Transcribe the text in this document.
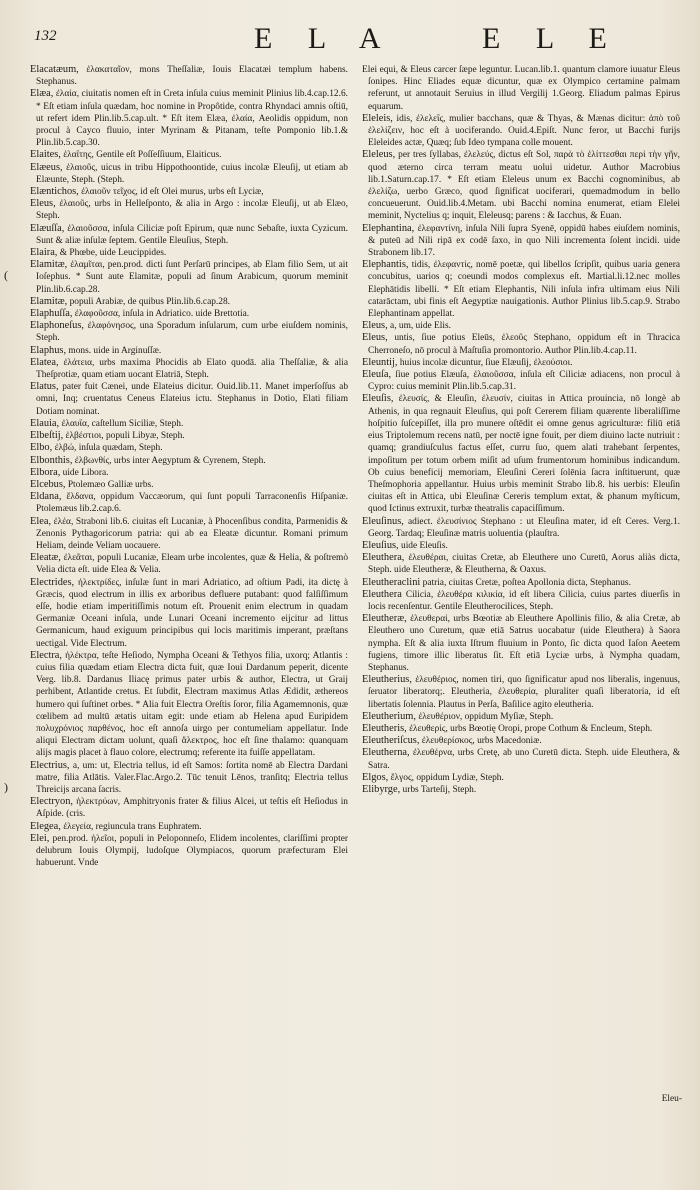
132	E L A	E L E
(
)
Elacatæum, ἐλακαταῖον, mons Theſſaliæ, Iouis Elacatæi templum habens. Stephanus.
Elæa, ἐλαία, ciuitatis nomen eſt in Creta inſula cuius meminit Plinius lib.4.cap.12.6. * Eſt etiam inſula quædam, hoc nomine in Propôtide, contra Rhyndaci amnis oſtiū, ut refert idem Plin.lib.5.cap.ult. * Eſt item Elæa, ἐλαία, Aeolidis oppidum, non procul à Cayco fluuio, inter Myrinam & Pitanam, teſte Pomponio lib.1.& Plin.lib.5.cap.30.
Elaites, ἐλαΐτης, Gentile eſt Poſſeſſiuum, Elaiticus.
Elæeus, ἐλαιοῦς, uicus in tribu Hippothoontide, cuius incolæ Eleuſij, ut etiam ab Elæunte, Steph. (Steph.
Elæntichos, ἐλαιοῦν τεῖχος, id eſt Olei murus, urbs eſt Lyciæ,
Eleus, ἐλαιοῦς, urbs in Helleſponto, & alia in Argo : incolæ Eleuſij, ut ab Elæo, Steph.
Elæuſſa, ἐλαιοῦσσα, inſula Ciliciæ poſt Epirum, quæ nunc Sebaſte, iuxta Cyzicum. Sunt & aliæ inſulæ ſeptem. Gentile Eleuſius, Steph.
Elaira, & Phœbe, uide Leucippides.
Elamitæ, ἐλαμῖται, pen.prod. dicti ſunt Perſarū principes, ab Elam filio Sem, ut ait Ioſephus. * Sunt aute Elamitæ, populi ad ſinum Arabicum, quorum meminit Plin.lib.6.cap.28.
Elamitæ, populi Arabiæ, de quibus Plin.lib.6.cap.28.
Elaphuſſa, ἐλαφοῦσσα, inſula in Adriatico. uide Brettotia.
Elaphoneſus, ἐλαφόνησος, una Sporadum inſularum, cum urbe eiuſdem nominis, Steph.
Elaphus, mons. uide in Arginuſſæ.
Elatea, ἐλάτεια, urbs maxima Phocidis ab Elato quodā. alia Theſſaliæ, & alia Theſprotiæ, quam etiam uocant Elatriā, Steph.
Elatus, pater fuit Cænei, unde Elateius dicitur. Ouid.lib.11. Manet imperſoſſus ab omni, Inq; cruentatus Ceneus Elateius ictu. Stephanus in Dotio, Elati filiam Dotiam nominat.
Elauia, ἐλαυΐα, caſtellum Siciliæ, Steph.
Elbeſtij, ἐλβέστιοι, populi Libyæ, Steph.
Elbo, ἐλβώ, inſula quædam, Steph.
Elbonthis, ἐλβωνθίς, urbs inter Aegyptum & Cyrenem, Steph.
Elbora, uide Libora.
Elcebus, Ptolemæo Galliæ urbs.
Eldana, ἔλδανα, oppidum Vaccæorum, qui ſunt populi Tarraconenſis Hiſpaniæ. Ptolemæus lib.2.cap.6.
Elea, ἐλέα, Straboni lib.6. ciuitas eſt Lucaniæ, à Phocenſibus condita, Parmenidis & Zenonis Pythagoricorum patria: qui ab ea Eleatæ dicuntur. Romani primum Heliam, deinde Veliam uocauere.
Eleatæ, ἐλεᾶται, populi Lucaniæ, Eleam urbe incolentes, quæ & Helia, & poſtremò Velia dicta eſt. uide Elea & Velia.
Electrides, ἠλεκτρίδες, inſulæ ſunt in mari Adriatico, ad oſtium Padi, ita dictę à Græcis, quod electrum in illis ex arboribus defluere putabant: quod falſiſſimum eſſe, hodie etiam imperitiſſimis notum eſt. Prouenit enim electrum in quadam Germaniæ Oceani inſula, unde Lunari Oceani incremento eijcitur ad littus Germanicum, haud exiguum principibus qui locis maritimis imperant, præſtans uectigal. Vide Electrum.
Electra, ἠλέκτρα, teſte Heſiodo, Nympha Oceani & Tethyos filia, uxorq; Atlantis : cuius filia quædam etiam Electra dicta fuit, quæ Ioui Dardanum peperit, dicente Verg. lib.8. Dardanus Iliacę primus pater urbis & author, Electra, ut Graij perhibent, Atlantide cretus. Et ſubdit, Electram maximus Atlas Ædidit, æthereos humero qui ſuſtinet orbes. * Alia fuit Electra Oreſtis ſoror, filia Agamemnonis, quæ cœlibem ad multū ætatis uitam egit: unde etiam ab Helena apud Euripidem πολυχρόνιος παρθένος, hoc eſt annoſa uirgo per contumeliam appellatur. Inde aliqui Electram dictam uolunt, quaſi ἄλεκτρος, hoc eſt ſine thalamo: quanquam alijs magis placet à flauo colore, electrumq; referente ita fuiſſe appellatam.
Electrius, a, um: ut, Electria tellus, id eſt Samos: ſortita nomē ab Electra Dardani matre, filia Atlātis. Valer.Flac.Argo.2. Tūc tenuit Lēnos, tranſitq; Electria tellus Threicijs arcana ſacris.
Electryon, ἠλεκτρύων, Amphitryonis frater & filius Alcei, ut teſtis eſt Heſiodus in Aſpide. (cris.
Elegea, ἐλεγεία, regiuncula trans Euphratem.
Elei, pen.prod. ἠλεῖοι, populi in Peloponneſo, Elidem incolentes, clariſſimi propter delubrum Iouis Olympij, ludoſque Olympiacos, quorum præfecturam Elei habuerunt. Vnde
Elei equi, & Eleus carcer ſæpe leguntur. Lucan.lib.1. quantum clamore iuuatur Eleus ſonipes. Hinc Eliades equæ dicuntur, quæ ex Olympico certamine palmam referunt, ut annotauit Seruius in illud Vergilij 1.Georg. Eliadum palmas Epirus equarum.
Eleleis, idis, ἐλελεΐς, mulier bacchans, quæ & Thyas, & Mænas dicitur: ἀπὸ τοῦ ἐλελίζειν, hoc eſt à uociferando. Ouid.4.Epiſt. Nunc feror, ut Bacchi furijs Eleleides actæ, Quæq; ſub Ideo tympana colle mouent.
Eleleus, per tres ſyllabas, ἐλελεύς, dictus eſt Sol, παρὰ τὸ ἑλίττεσθαι περὶ τὴν γῆν, quod æterno circa terram meatu uolui uidetur. Author Macrobius lib.1.Saturn.cap.17. * Eſt etiam Eleleus unum ex Bacchi cognominibus, ab ἐλελίζω, uerbo Græco, quod ſignificat uociferari, quemadmodum in bello concueuerunt. Ouid.lib.4.Metam. ubi Bacchi nomina enumerat, etiam Elelei meminit, Nyctelius q; inquit, Eleleusq; parens : & Iacchus, & Euan.
Elephantina, ἐλεφαντίνη, inſula Nili ſupra Syenē, oppidū habes eiuſdem nominis, & puteū ad Nili ripā ex codē ſaxo, in quo Nili incrementa ſolent incidi. uide Strabonem lib.17.
Elephantis, tidis, ἐλεφαντίς, nomē poetæ, qui libellos ſcripſit, quibus uaria genera concubitus, uarios q; coeundi modos complexus eſt. Martial.li.12.nec molles Elephātidis libelli. * Eſt etiam Elephantis, Nili inſula infra ultimam eius Nili catarāctam, ubi finis eſt Aegyptiæ nauigationis. Author Plinius lib.5.cap.9. Strabo Elephantinam appellat.
Eleus, a, um, uide Elis.
Eleus, untis, ſiue potius Eleūs, ἐλεοῦς Stephano, oppidum eſt in Thracica Cherroneſo, nō procul à Maſtuſia promontorio. Author Plin.lib.4.cap.11.
Eleuntij, huius incolæ dicuntur, ſiue Elæuſij, ἐλεούσιοι.
Eleuſa, ſiue potius Elæuſa, ἐλαιοῦσσα, inſula eſt Ciliciæ adiacens, non procul à Cypro: cuius meminit Plin.lib.5.cap.31.
Eleuſis, ἐλευσίς, & Eleuſin, ἐλευσίν, ciuitas in Attica prouincia, nō longè ab Athenis, in qua regnauit Eleuſius, qui poſt Cererem filiam quærente liberaliſſime hoſpitio ſuſcepiſſet, illa pro munere oſtēdit ei omne genus agriculturæ: filiū etiā eius Triptolemum recens natū, per noctē igne fouit, per diem diuino lacte nutriuit : quamq; grandiuſculus factus eſſet, curru ſuo, quem alati trahebant ſerpentes, impoſitum per totum orbem miſit ad uſum frumentorum hominibus indicandum. Ob cuius beneficij memoriam, Eleuſini Cereri ſolēnia ſacra inſtituerunt, quæ Theſmophoria appellantur. Huius urbis meminit Strabo lib.8. his uerbis: Eleuſin ciuitas eſt in Attica, ubi Eleuſinæ Cereris templum extat, & phanum myſticum, quod Ictinus extruxit, turbæ theatralis capaciſſimum.
Eleuſinus, adiect. ἐλευσίνιος Stephano : ut Eleuſina mater, id eſt Ceres. Verg.1. Georg. Tardaq; Eleuſinæ matris uoluentia (plauſtra.
Eleuſius, uide Eleuſis.
Eleuthera, ἐλευθέραι, ciuitas Cretæ, ab Eleuthere uno Curetū, Aorus aliàs dicta, Steph. uide Eleutheræ, & Eleutherna, & Oaxus.
Eleutheraclini patria, ciuitas Cretæ, poſtea Apollonia dicta, Stephanus.
Eleuthera Cilicia, ἐλευθέρα κιλικία, id eſt libera Cilicia, cuius partes diuerſis in locis recenſentur. Gentile Eleutherocilices, Steph.
Eleutheræ, ἐλευθεραί, urbs Bœotiæ ab Eleuthere Apollinis filio, & alia Cretæ, ab Eleuthero uno Curetum, quæ etiā Satrus uocabatur (uide Eleuthera) à Saora nympha. Eſt & alia iuxta Iſtrum fluuium in Ponto, ſic dicta quod Iaſon Aeetem fugiens, timore illic liberatus ſit. Eſt etiā Lyciæ urbs, à Nympha quadam, Stephanus.
Eleutherius, ἐλευθέριος, nomen tiri, quo ſignificatur apud nos liberalis, ingenuus, ſeruator liberatorq;. Eleutheria, ἐλευθερία, pluraliter quaſi liberatoria, id eſt libertatis ſolennia. Plautus in Perſa, Baſilice agito eleutheria.
Eleutherium, ἐλευθέριον, oppidum Myſiæ, Steph.
Eleutheris, ἐλευθερίς, urbs Bœotię Oropi, prope Cothum & Encleum, Steph.
Eleutheriſcus, ἐλευθερίσκος, urbs Macedoniæ.
Eleutherna, ἐλευθέρνα, urbs Cretę, ab uno Curetū dicta. Steph. uide Eleuthera, & Satra.
Elgos, ἔλγος, oppidum Lydiæ, Steph.
Elibyrge, urbs Tarteſij, Steph.
Eleu-
